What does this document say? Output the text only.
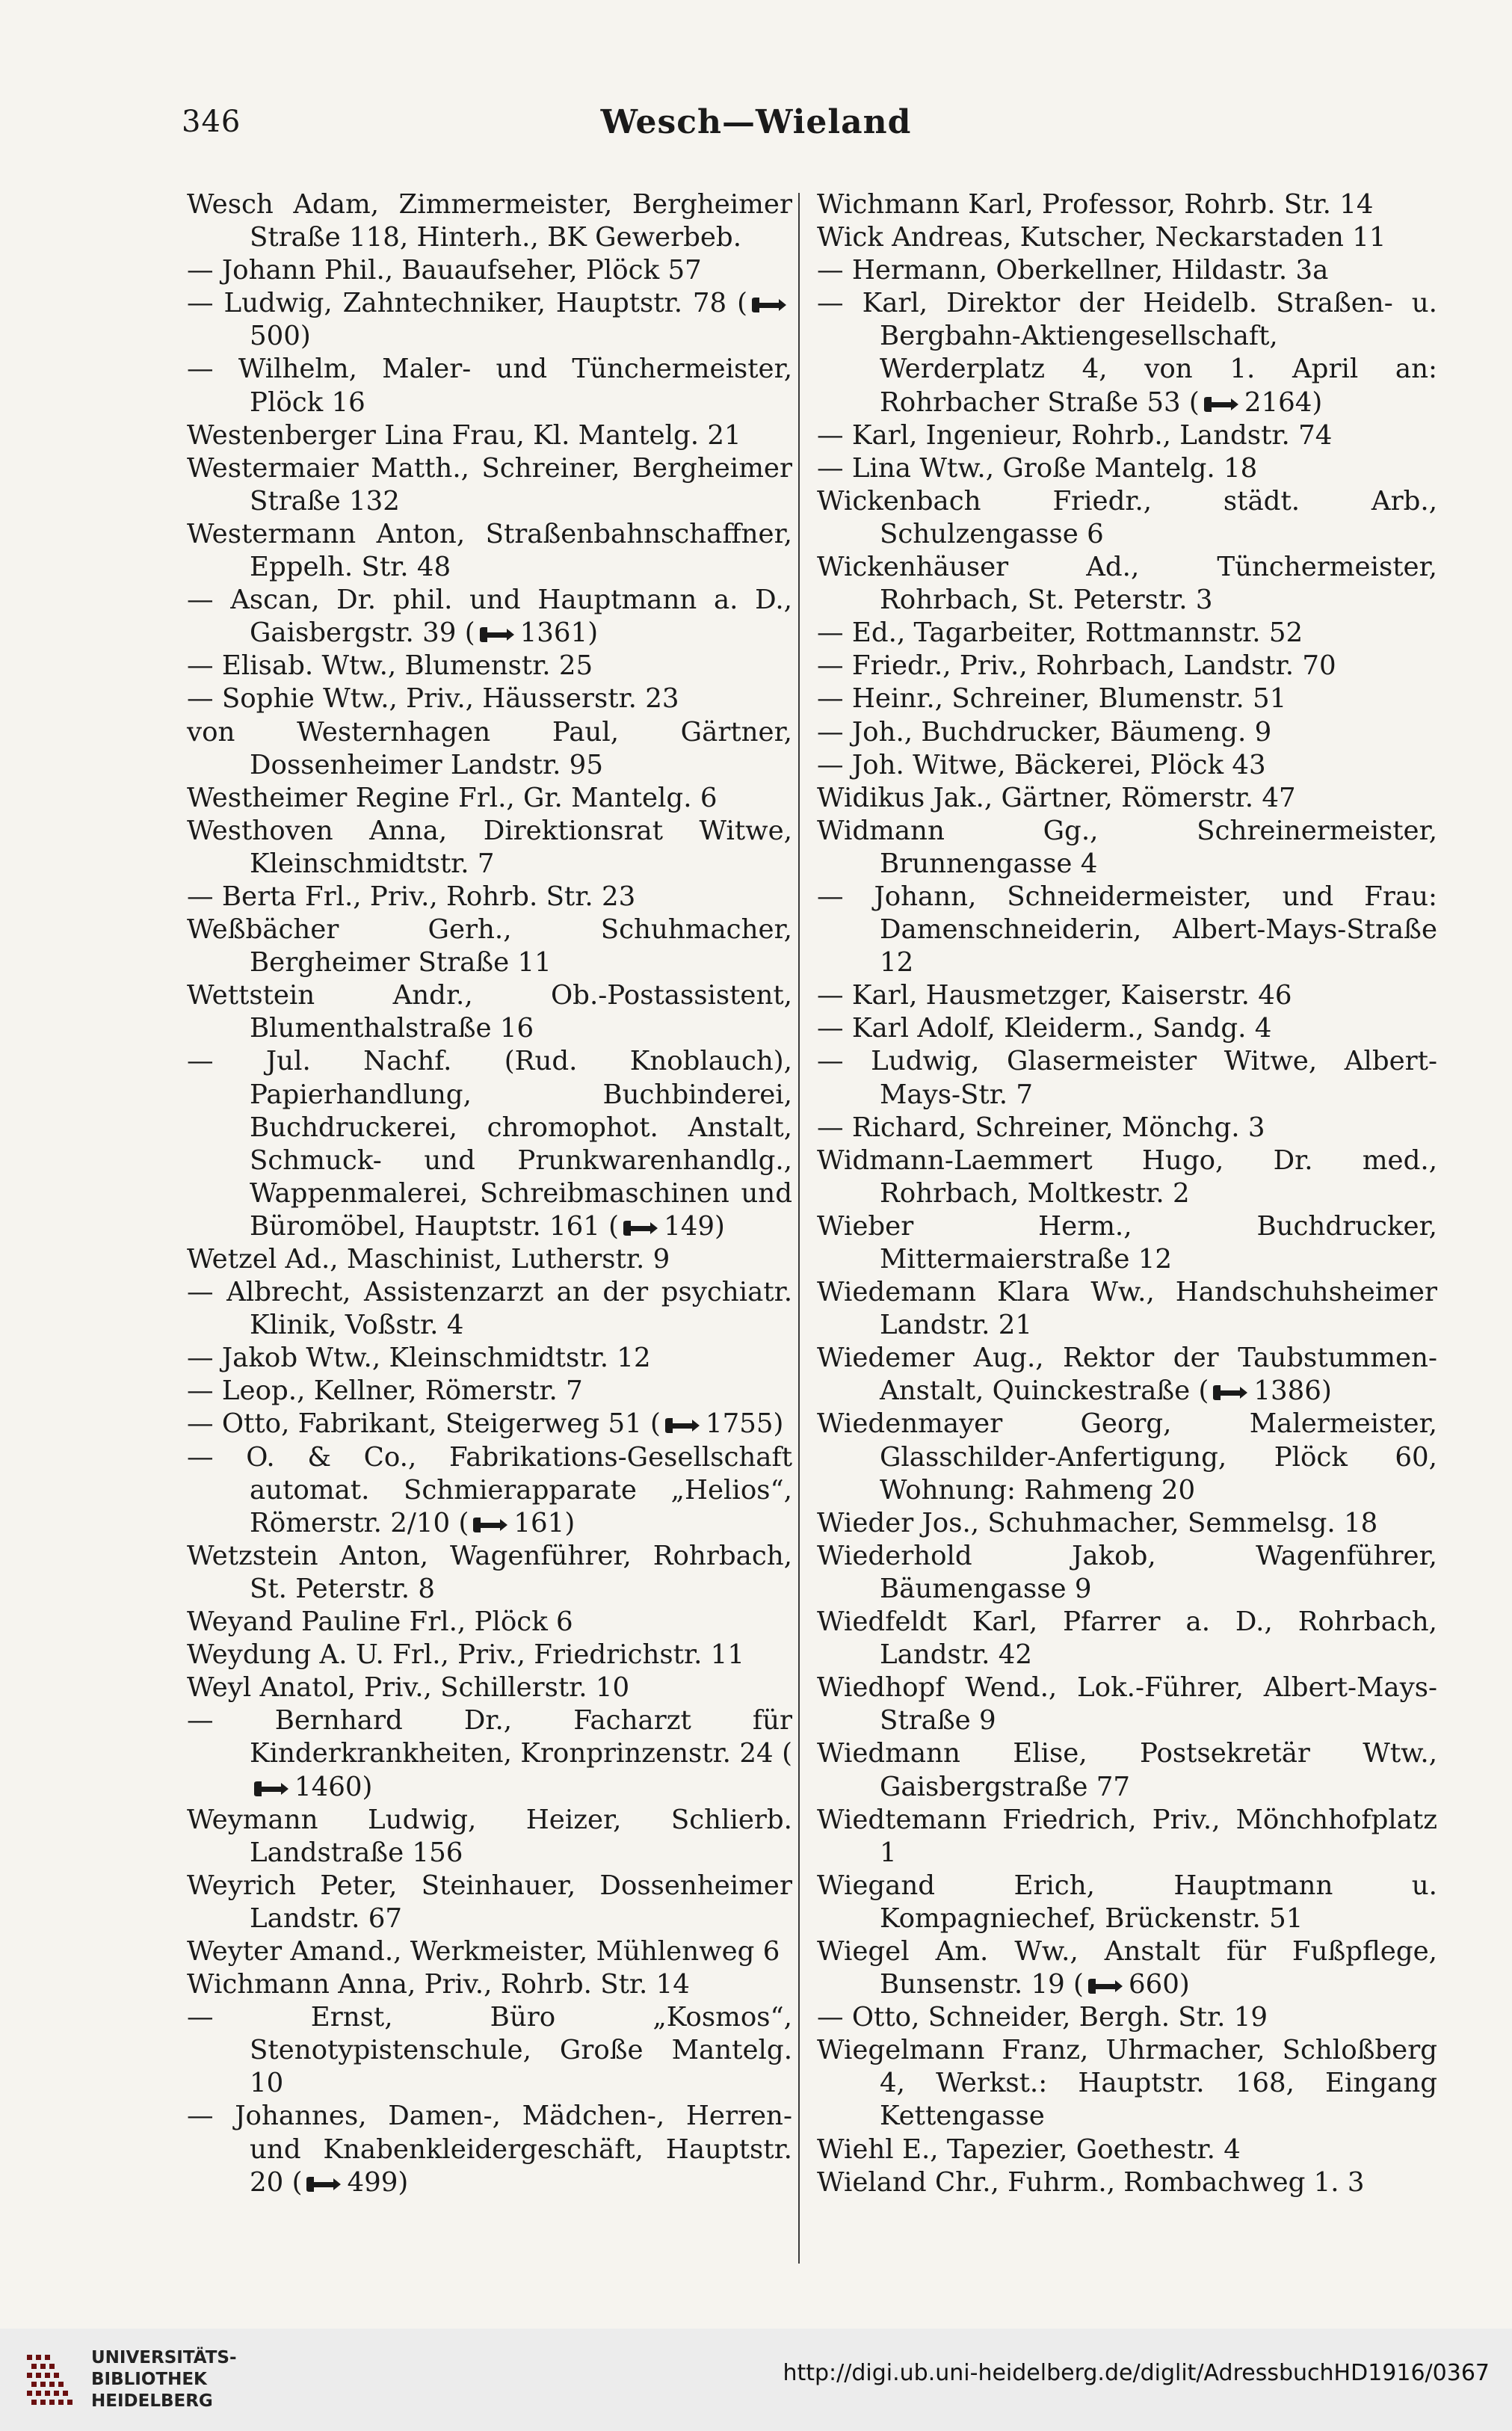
346	Wesch—Wieland
Wesch Adam, Zimmermeister, Bergheimer Straße 118, Hinterh., BK Gewerbeb.
— Johann Phil., Bauaufseher, Plöck 57
— Ludwig, Zahntechniker, Hauptstr. 78 (500)
— Wilhelm, Maler- und Tünchermeister, Plöck 16
Westenberger Lina Frau, Kl. Mantelg. 21
Westermaier Matth., Schreiner, Bergheimer Straße 132
Westermann Anton, Straßenbahnschaffner, Eppelh. Str. 48
— Ascan, Dr. phil. und Hauptmann a. D., Gaisbergstr. 39 ( 1361)
— Elisab. Wtw., Blumenstr. 25
— Sophie Wtw., Priv., Häusserstr. 23
von Westernhagen Paul, Gärtner, Dossenheimer Landstr. 95
Westheimer Regine Frl., Gr. Mantelg. 6
Westhoven Anna, Direktionsrat Witwe, Kleinschmidtstr. 7
— Berta Frl., Priv., Rohrb. Str. 23
Weßbächer Gerh., Schuhmacher, Bergheimer Straße 11
Wettstein Andr., Ob.-Postassistent, Blumenthalstraße 16
— Jul. Nachf. (Rud. Knoblauch), Papierhandlung, Buchbinderei, Buchdruckerei, chromophot. Anstalt, Schmuck- und Prunkwarenhandlg., Wappenmalerei, Schreibmaschinen und Büromöbel, Hauptstr. 161 ( 149)
Wetzel Ad., Maschinist, Lutherstr. 9
— Albrecht, Assistenzarzt an der psychiatr. Klinik, Voßstr. 4
— Jakob Wtw., Kleinschmidtstr. 12
— Leop., Kellner, Römerstr. 7
— Otto, Fabrikant, Steigerweg 51 ( 1755)
— O. & Co., Fabrikations-Gesellschaft automat. Schmierapparate „Helios“, Römerstr. 2/10 ( 161)
Wetzstein Anton, Wagenführer, Rohrbach, St. Peterstr. 8
Weyand Pauline Frl., Plöck 6
Weydung A. U. Frl., Priv., Friedrichstr. 11
Weyl Anatol, Priv., Schillerstr. 10
— Bernhard Dr., Facharzt für Kinderkrankheiten, Kronprinzenstr. 24 (1460)
Weymann Ludwig, Heizer, Schlierb. Landstraße 156
Weyrich Peter, Steinhauer, Dossenheimer Landstr. 67
Weyter Amand., Werkmeister, Mühlenweg 6
Wichmann Anna, Priv., Rohrb. Str. 14
— Ernst, Büro „Kosmos“, Stenotypistenschule, Große Mantelg. 10
— Johannes, Damen-, Mädchen-, Herren- und Knabenkleidergeschäft, Hauptstr. 20 ( 499)
Wichmann Karl, Professor, Rohrb. Str. 14
Wick Andreas, Kutscher, Neckarstaden 11
— Hermann, Oberkellner, Hildastr. 3a
— Karl, Direktor der Heidelb. Straßen- u. Bergbahn-Aktiengesellschaft, Werderplatz 4, von 1. April an: Rohrbacher Straße 53 ( 2164)
— Karl, Ingenieur, Rohrb., Landstr. 74
— Lina Wtw., Große Mantelg. 18
Wickenbach Friedr., städt. Arb., Schulzengasse 6
Wickenhäuser Ad., Tünchermeister, Rohrbach, St. Peterstr. 3
— Ed., Tagarbeiter, Rottmannstr. 52
— Friedr., Priv., Rohrbach, Landstr. 70
— Heinr., Schreiner, Blumenstr. 51
— Joh., Buchdrucker, Bäumeng. 9
— Joh. Witwe, Bäckerei, Plöck 43
Widikus Jak., Gärtner, Römerstr. 47
Widmann Gg., Schreinermeister, Brunnengasse 4
— Johann, Schneidermeister, und Frau: Damenschneiderin, Albert-Mays-Straße 12
— Karl, Hausmetzger, Kaiserstr. 46
— Karl Adolf, Kleiderm., Sandg. 4
— Ludwig, Glasermeister Witwe, Albert-Mays-Str. 7
— Richard, Schreiner, Mönchg. 3
Widmann-Laemmert Hugo, Dr. med., Rohrbach, Moltkestr. 2
Wieber Herm., Buchdrucker, Mittermaierstraße 12
Wiedemann Klara Ww., Handschuhsheimer Landstr. 21
Wiedemer Aug., Rektor der Taubstummen-Anstalt, Quinckestraße ( 1386)
Wiedenmayer Georg, Malermeister, Glasschilder-Anfertigung, Plöck 60, Wohnung: Rahmeng 20
Wieder Jos., Schuhmacher, Semmelsg. 18
Wiederhold Jakob, Wagenführer, Bäumengasse 9
Wiedfeldt Karl, Pfarrer a. D., Rohrbach, Landstr. 42
Wiedhopf Wend., Lok.-Führer, Albert-Mays-Straße 9
Wiedmann Elise, Postsekretär Wtw., Gaisbergstraße 77
Wiedtemann Friedrich, Priv., Mönchhofplatz 1
Wiegand Erich, Hauptmann u. Kompagniechef, Brückenstr. 51
Wiegel Am. Ww., Anstalt für Fußpflege, Bunsenstr. 19 ( 660)
— Otto, Schneider, Bergh. Str. 19
Wiegelmann Franz, Uhrmacher, Schloßberg 4, Werkst.: Hauptstr. 168, Eingang Kettengasse
Wiehl E., Tapezier, Goethestr. 4
Wieland Chr., Fuhrm., Rombachweg 1. 3
UNIVERSITÄTS-
BIBLIOTHEK
HEIDELBERG
http://digi.ub.uni-heidelberg.de/diglit/AdressbuchHD1916/0367
